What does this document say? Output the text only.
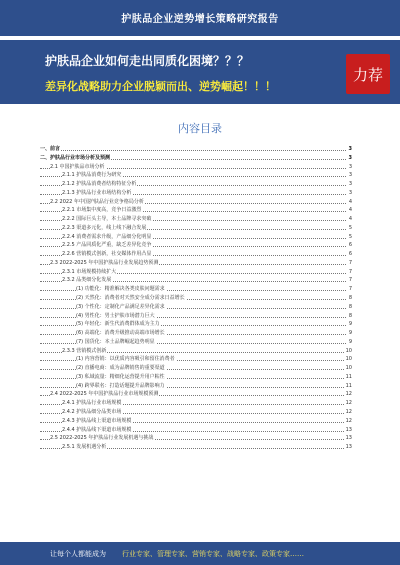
护肤品企业逆势增长策略研究报告
护肤品企业如何走出同质化困境？？？
差异化战略助力企业脱颖而出、逆势崛起！！！
力荐
内容目录
一、前言	3
二、护肤品行业市场分析及预测	3
2.1 中国护肤品市场分析	3
2.1.1 护肤品消费行为研究	3
2.1.2 护肤品消费者结构特征分析	3
2.1.3 护肤品行业市场结构分析	3
2.2 2022 年中国护肤品行业竞争格局分析	4
2.2.1 市场集中度高，竞争日益激烈	4
2.2.2 国际巨头主导，本土品牌寻求突破	4
2.2.3 渠道多元化，线上线下融合发展	5
2.2.4 消费者需求升级，产品细分化明显	5
2.2.5 产品同质化严重，缺乏差异化竞争	6
2.2.6 营销模式创新，社交媒体作用凸显	6
2.3 2022-2025 年中国护肤品行业发展趋势预测	7
2.3.1 市场规模持续扩大	7
2.3.2 品类细分化发展	7
(1) 功能化：精准解决各类皮肤问题需求	7
(2) 天然化：消费者对天然安全成分需求日益增长	8
(3) 个性化：定制化产品满足差异化需求	8
(4) 男性化：男士护肤市场潜力巨大	8
(5) 年轻化：新生代消费群体成为主力	9
(6) 高端化：消费升级推动高端市场增长	9
(7) 国货化：本土品牌崛起趋势明显	9
2.3.3 营销模式创新	10
(1) 内容营销：以优质内容吸引和留住消费者	10
(2) 直播电商：成为品牌销售的重要渠道	10
(3) 私域流量：精细化运营提升用户粘性	11
(4) 跨界联名：打造话题提升品牌影响力	11
2.4 2022-2025 年中国护肤品行业市场规模预测	12
2.4.1 护肤品行业市场规模	12
2.4.2 护肤品细分品类市场	12
2.4.3 护肤品线上渠道市场规模	12
2.4.4 护肤品线下渠道市场规模	13
2.5 2022-2025 年护肤品行业发展机遇与挑战	13
2.5.1 发展机遇分析	13
让每个人都能成为 行业专家、管理专家、营销专家、战略专家、政策专家……
